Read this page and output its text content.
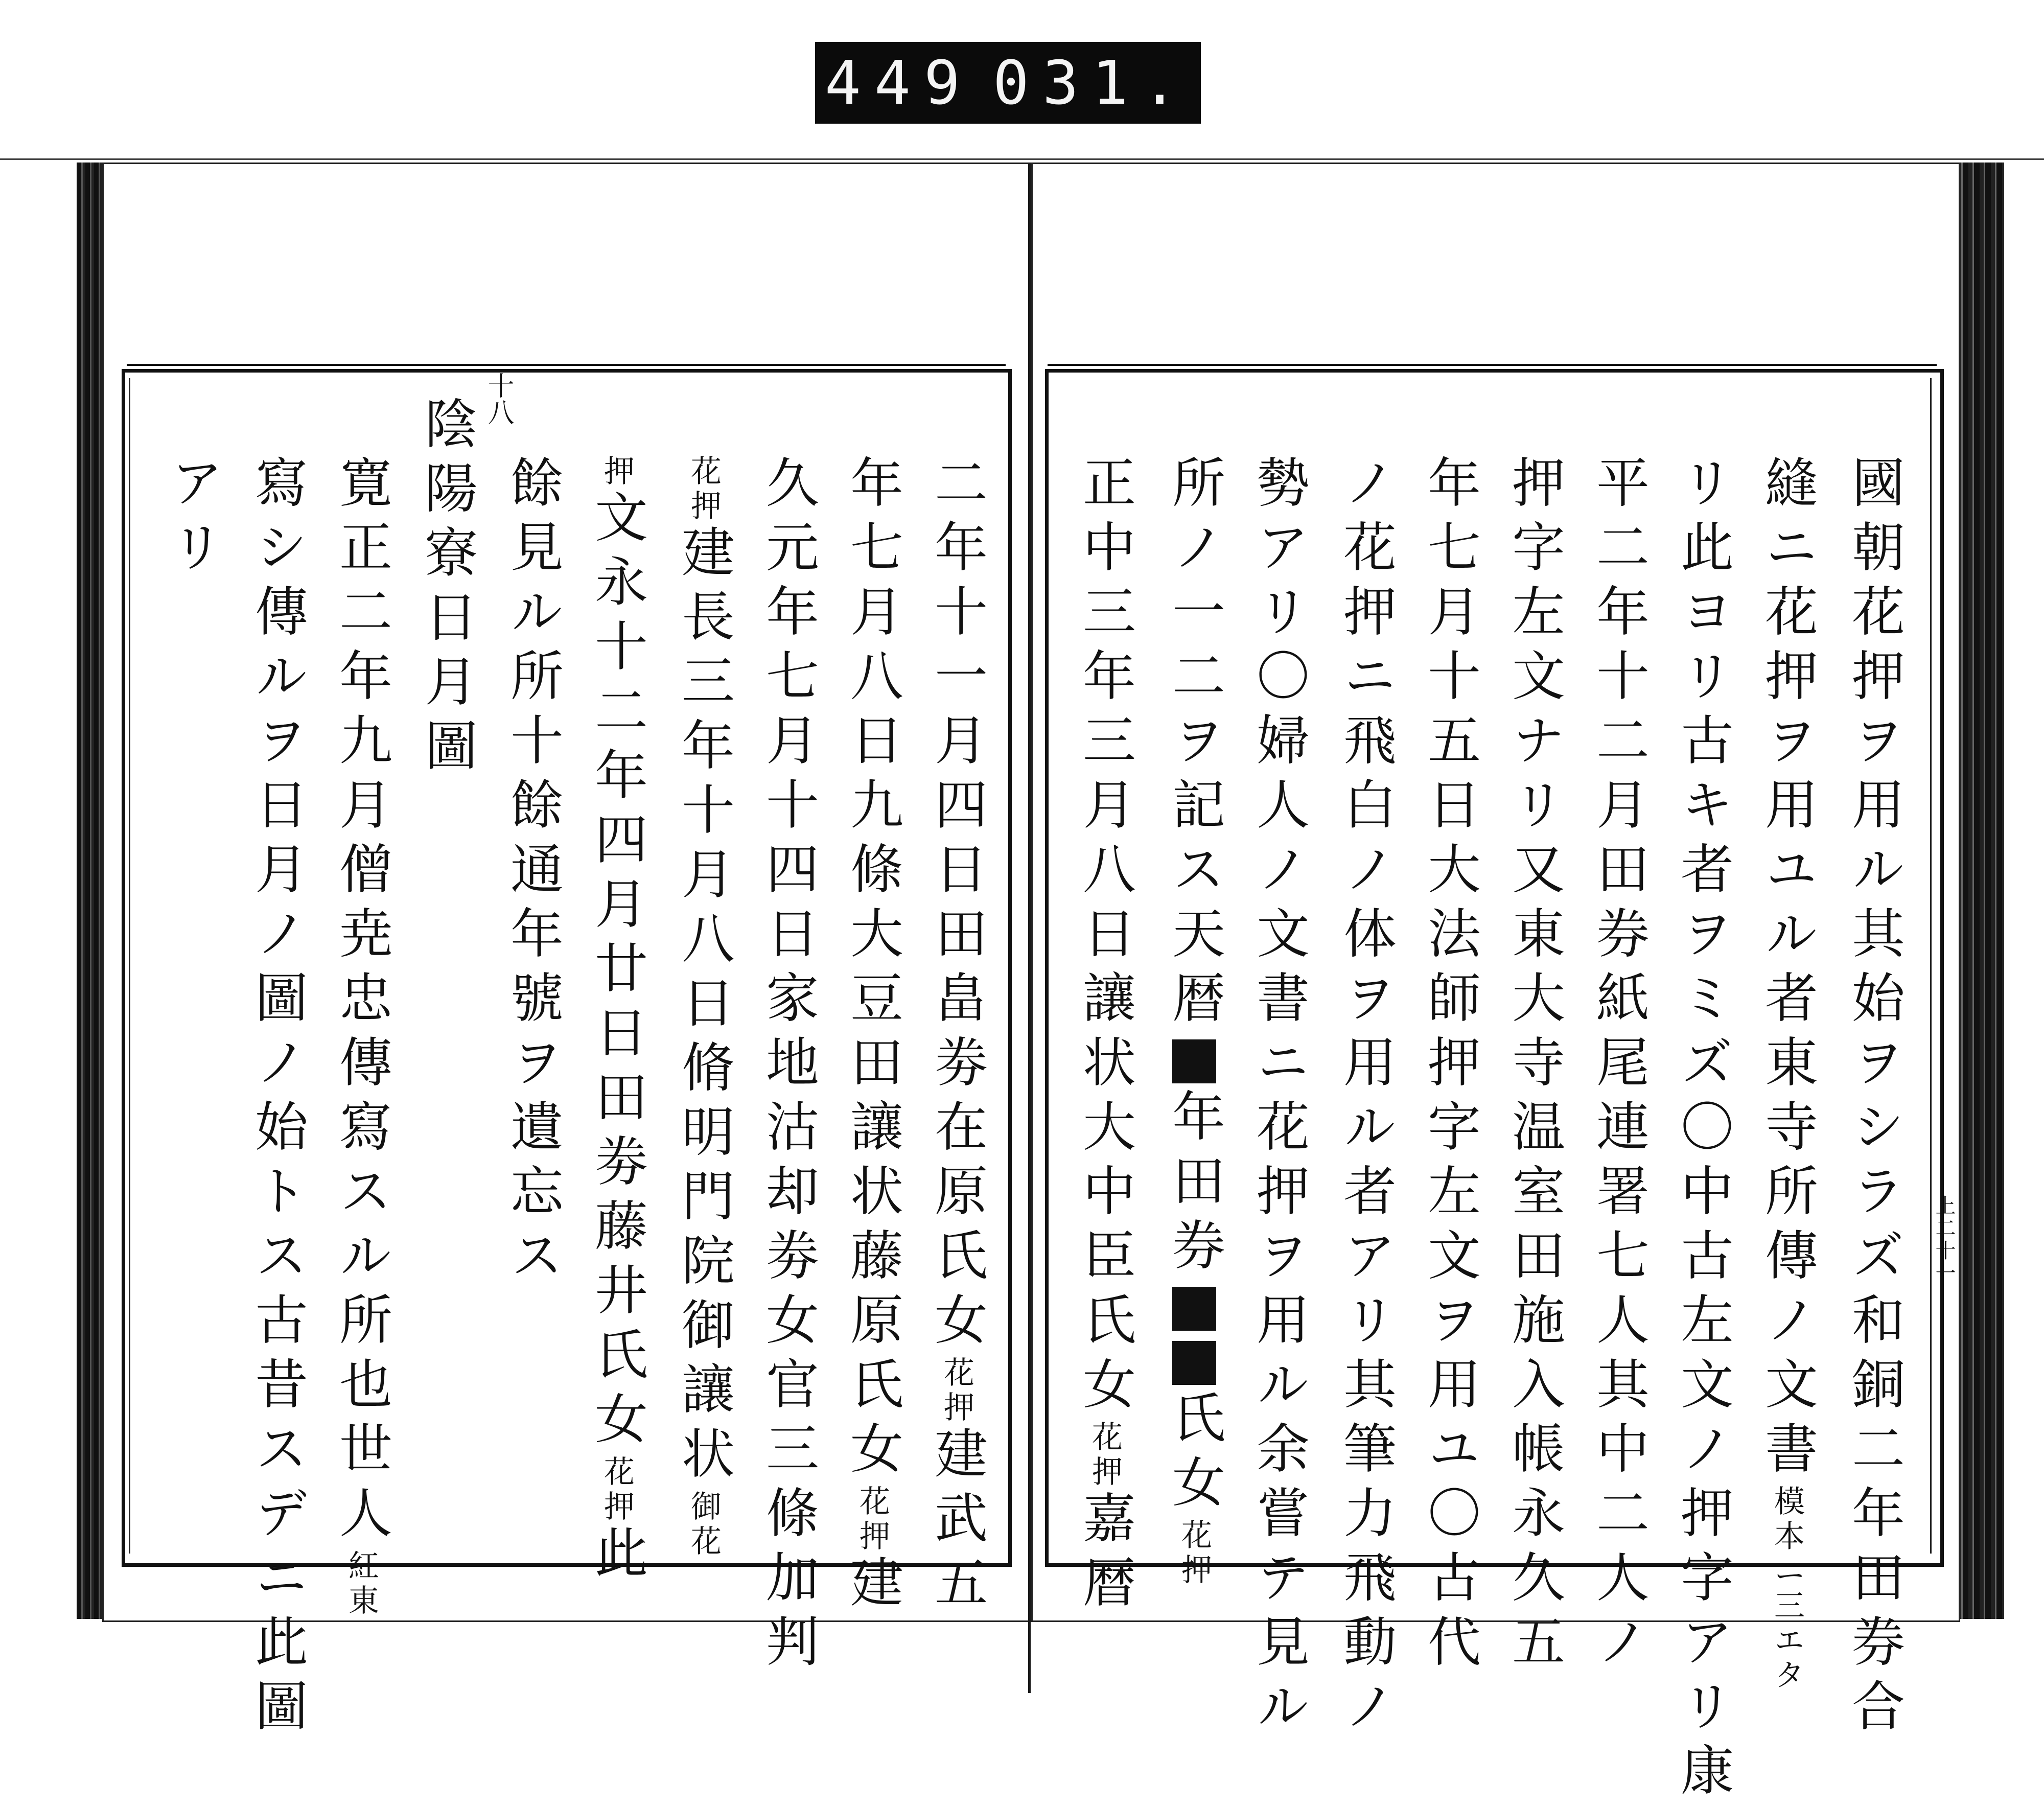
449 031.
上二十一
十八
國朝花押ヲ用ル其始ヲシラズ和銅二年田券合
縫ニ花押ヲ用ユル者東寺所傳ノ文書模本ニ三エタ
リ此ヨリ古キ者ヲミズ〇中古左文ノ押字アリ康
平二年十二月田券紙尾連署七人其中二人ノ
押字左文ナリ又東大寺温室田施入帳永久五
年七月十五日大法師押字左文ヲ用ユ〇古代
ノ花押ニ飛白ノ体ヲ用ル者アリ其筆力飛動ノ
勢アリ〇婦人ノ文書ニ花押ヲ用ル余嘗テ見ル
所ノ一二ヲ記ス天暦年田券氏女花押
正中三年三月八日讓状大中臣氏女花押嘉暦
二年十一月四日田畠劵在原氏女花押建武五
年七月八日九條大豆田讓状藤原氏女花押建
久元年七月十四日家地沽却劵女官三條加判
花押建長三年十月八日脩明門院御讓状御花
押文永十二年四月廿日田劵藤井氏女花押此
餘見ル所十餘通年號ヲ遺忘ス
陰陽寮日月圖
寛正二年九月僧尭忠傳寫スル所也世人紅東
寫シ傳ルヲ日月ノ圖ノ始トス古昔スデニ此圖
アリ
